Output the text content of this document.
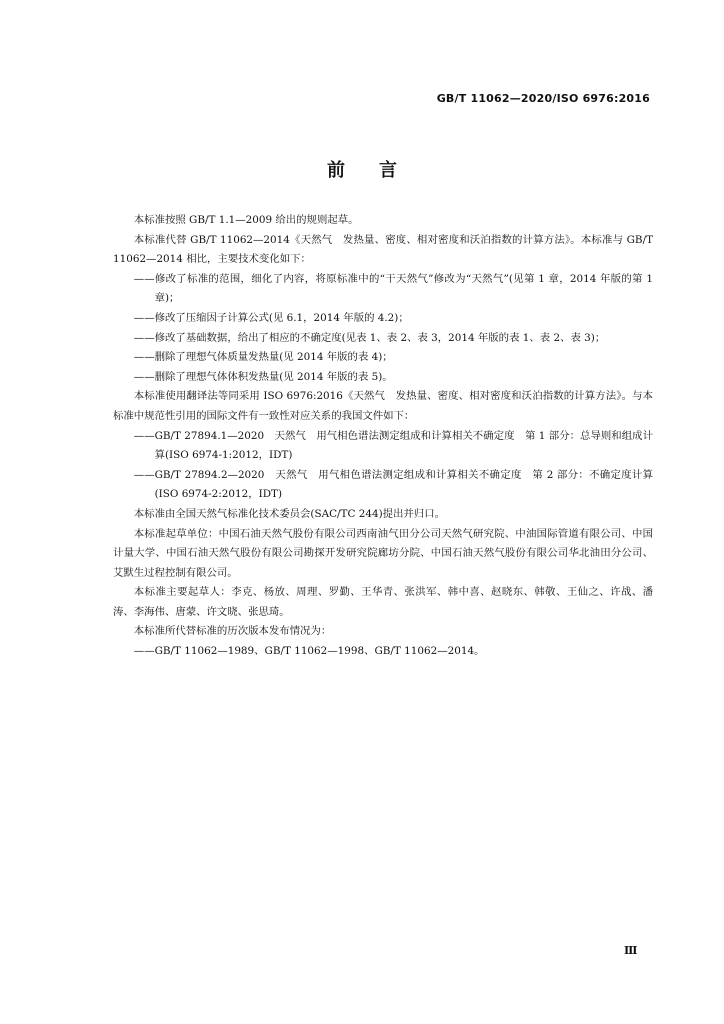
GB/T 11062—2020/ISO 6976:2016
前言

本标准按照 GB/T 1.1—2009 给出的规则起草。

本标准代替 GB/T 11062—2014《天然气　发热量、密度、相对密度和沃泊指数的计算方法》。本标准与 GB/T 11062—2014 相比，主要技术变化如下：

——修改了标准的范围，细化了内容，将原标准中的“干天然气”修改为“天然气”(见第 1 章，2014 年版的第 1 章)；

——修改了压缩因子计算公式(见 6.1，2014 年版的 4.2)；

——修改了基础数据，给出了相应的不确定度(见表 1、表 2、表 3，2014 年版的表 1、表 2、表 3)；

——删除了理想气体质量发热量(见 2014 年版的表 4)；

——删除了理想气体体积发热量(见 2014 年版的表 5)。

本标准使用翻译法等同采用 ISO 6976:2016《天然气　发热量、密度、相对密度和沃泊指数的计算方法》。与本标准中规范性引用的国际文件有一致性对应关系的我国文件如下：

——GB/T 27894.1—2020　天然气　用气相色谱法测定组成和计算相关不确定度　第 1 部分：总导则和组成计算(ISO 6974-1:2012，IDT)

——GB/T 27894.2—2020　天然气　用气相色谱法测定组成和计算相关不确定度　第 2 部分：不确定度计算(ISO 6974-2:2012，IDT)

本标准由全国天然气标准化技术委员会(SAC/TC 244)提出并归口。

本标准起草单位：中国石油天然气股份有限公司西南油气田分公司天然气研究院、中油国际管道有限公司、中国计量大学、中国石油天然气股份有限公司勘探开发研究院廊坊分院、中国石油天然气股份有限公司华北油田分公司、艾默生过程控制有限公司。

本标准主要起草人：李克、杨放、周理、罗勤、王华青、张洪军、韩中喜、赵晓东、韩敬、王仙之、许战、潘涛、李海伟、唐蒙、许文晓、张思琦。

本标准所代替标准的历次版本发布情况为：

——GB/T 11062—1989、GB/T 11062—1998、GB/T 11062—2014。

Ⅲ
